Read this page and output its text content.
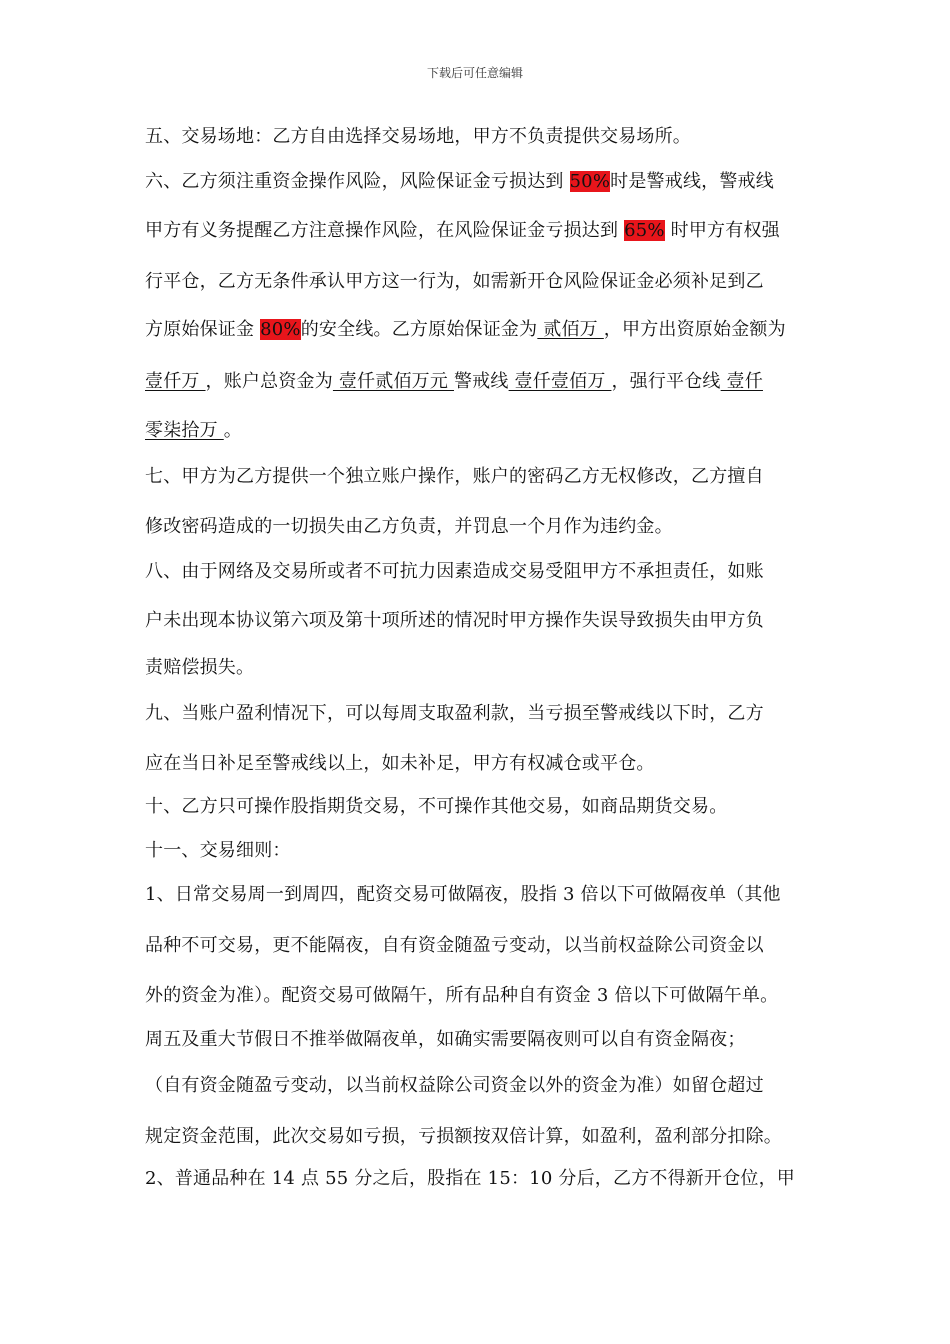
下载后可任意编辑
五、交易场地：乙方自由选择交易场地，甲方不负责提供交易场所。
六、乙方须注重资金操作风险，风险保证金亏损达到 50%时是警戒线，警戒线
甲方有义务提醒乙方注意操作风险，在风险保证金亏损达到 65% 时甲方有权强
行平仓，乙方无条件承认甲方这一行为，如需新开仓风险保证金必须补足到乙
方原始保证金 80%的安全线。乙方原始保证金为 贰佰万 ，甲方出资原始金额为
壹仟万 ，账户总资金为 壹仟贰佰万元 警戒线 壹仟壹佰万 ，强行平仓线 壹仟
零柒拾万 。
七、甲方为乙方提供一个独立账户操作，账户的密码乙方无权修改，乙方擅自
修改密码造成的一切损失由乙方负责，并罚息一个月作为违约金。
八、由于网络及交易所或者不可抗力因素造成交易受阻甲方不承担责任，如账
户未出现本协议第六项及第十项所述的情况时甲方操作失误导致损失由甲方负
责赔偿损失。
九、当账户盈利情况下，可以每周支取盈利款，当亏损至警戒线以下时，乙方
应在当日补足至警戒线以上，如未补足，甲方有权减仓或平仓。
十、乙方只可操作股指期货交易，不可操作其他交易，如商品期货交易。
十一、交易细则：
1、日常交易周一到周四，配资交易可做隔夜，股指 3 倍以下可做隔夜单（其他
品种不可交易，更不能隔夜，自有资金随盈亏变动，以当前权益除公司资金以
外的资金为准）。配资交易可做隔午，所有品种自有资金 3 倍以下可做隔午单。
周五及重大节假日不推举做隔夜单，如确实需要隔夜则可以自有资金隔夜；
（自有资金随盈亏变动，以当前权益除公司资金以外的资金为准）如留仓超过
规定资金范围，此次交易如亏损，亏损额按双倍计算，如盈利，盈利部分扣除。
2、普通品种在 14 点 55 分之后，股指在 15：10 分后，乙方不得新开仓位，甲
